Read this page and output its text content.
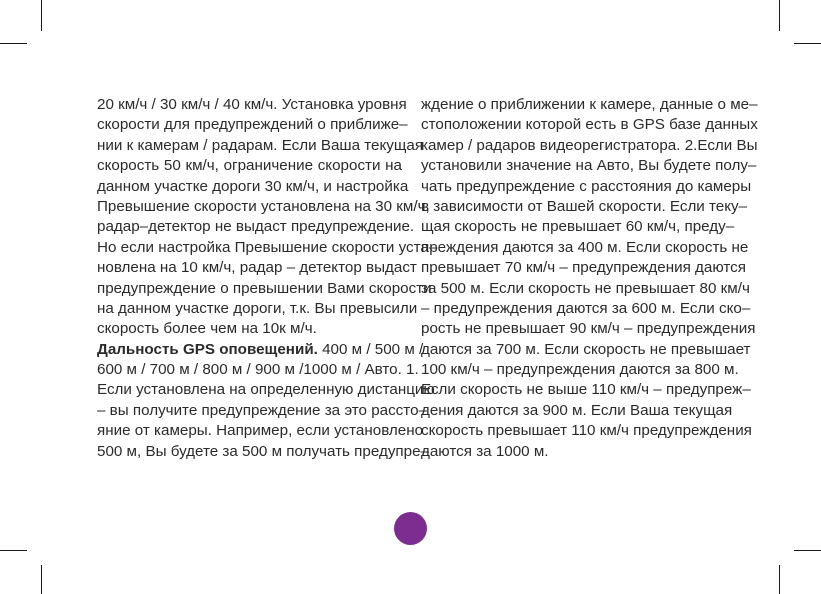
20 км/ч / 30 км/ч / 40 км/ч. Установка уровня
скорости для предупреждений о приближе–
нии к камерам / радарам. Если Ваша текущая
скорость 50 км/ч, ограничение скорости на
данном участке дороги 30 км/ч, и настройка
Превышение скорости установлена на 30 км/ч,
радар–детектор не выдаст предупреждение.
Но если настройка Превышение скорости уста–
новлена на 10 км/ч, радар – детектор выдаст
предупреждение о превышении Вами скорости
на данном участке дороги, т.к. Вы превысили
скорость более чем на 10к м/ч.
Дальность GPS оповещений. 400 м / 500 м /
600 м / 700 м / 800 м / 900 м /1000 м / Авто. 1.
Если установлена на определенную дистанцию
– вы получите предупреждение за это рассто–
яние от камеры. Например, если установлено
500 м, Вы будете за 500 м получать предупре–
ждение о приближении к камере, данные о ме–
стоположении которой есть в GPS базе данных
камер / радаров видеорегистратора. 2.Если Вы
установили значение на Авто, Вы будете полу–
чать предупреждение с расстояния до камеры
в зависимости от Вашей скорости. Если теку–
щая скорость не превышает 60 км/ч, преду–
преждения даются за 400 м. Если скорость не
превышает 70 км/ч – предупреждения даются
за 500 м. Если скорость не превышает 80 км/ч
– предупреждения даются за 600 м. Если ско–
рость не превышает 90 км/ч – предупреждения
даются за 700 м. Если скорость не превышает
100 км/ч – предупреждения даются за 800 м.
Если скорость не выше 110 км/ч – предупреж–
дения даются за 900 м. Если Ваша текущая
скорость превышает 110 км/ч предупреждения
даются за 1000 м.
